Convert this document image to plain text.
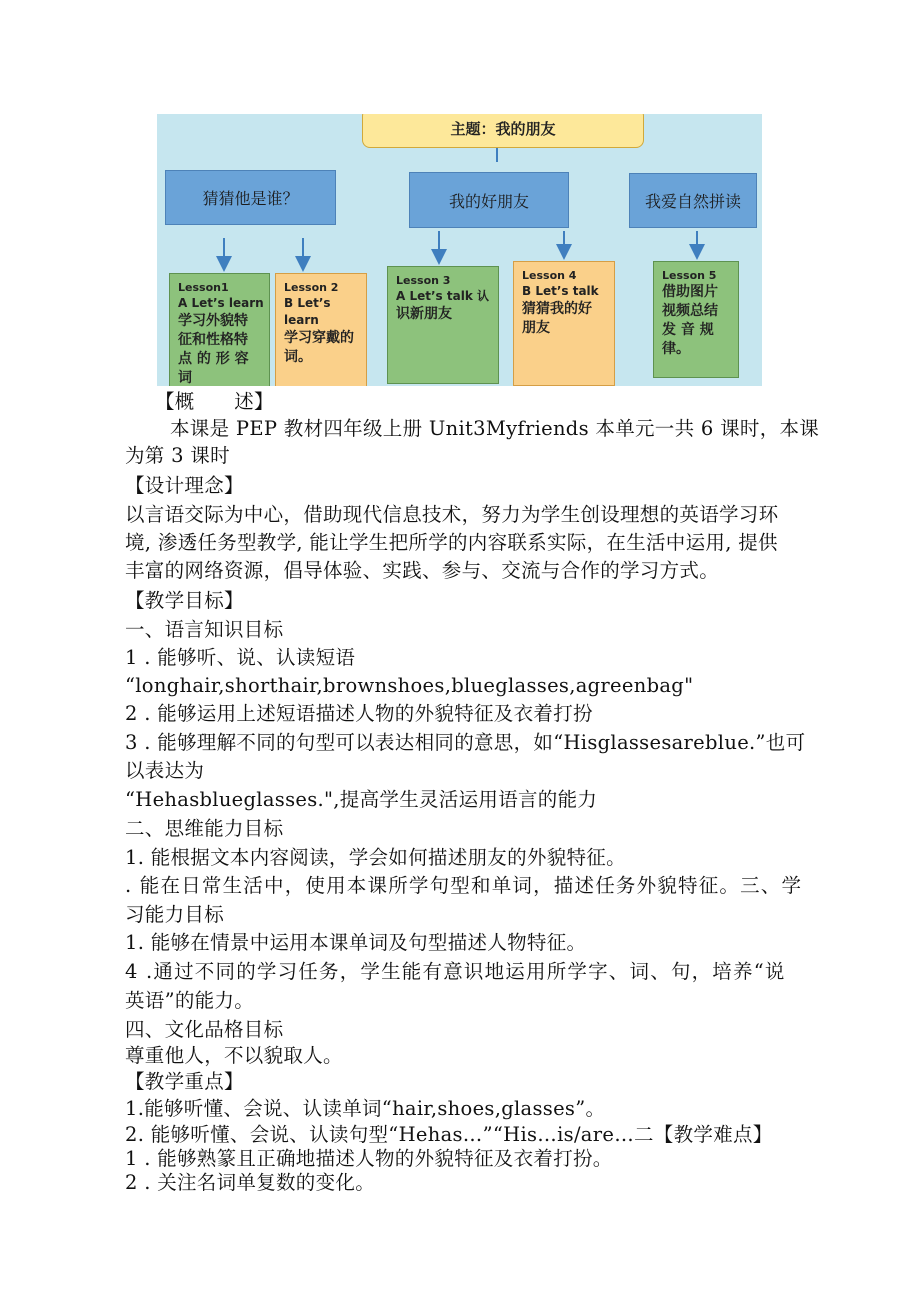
主题：我的朋友
猜猜他是谁？	我的好朋友	我爱自然拼读
Lesson1
A Let’s learn
学习外貌特
征和性格特
点 的 形 容
词
Lesson 2
B Let’s learn
学习穿戴的
词。
Lesson 3
A Let’s talk 认
识新朋友
Lesson 4
B Let’s talk
猜猜我的好
朋友
Lesson 5
借助图片
视频总结
发 音 规
律。
【概　　述】
本课是 PEP 教材四年级上册 Unit3Myfriends 本单元一共 6 课时，本课
为第 3 课时
【设计理念】
以言语交际为中心，借助现代信息技术，努力为学生创设理想的英语学习环
境, 渗透任务型教学, 能让学生把所学的内容联系实际，在生活中运用, 提供
丰富的网络资源，倡导体验、实践、参与、交流与合作的学习方式。
【教学目标】
一、语言知识目标
1 . 能够听、说、认读短语
“longhair,shorthair,brownshoes,blueglasses,agreenbag"
2 . 能够运用上述短语描述人物的外貌特征及衣着打扮
3 . 能够理解不同的句型可以表达相同的意思，如“Hisglassesareblue.”也可
以表达为
“Hehasblueglasses.",提高学生灵活运用语言的能力
二、思维能力目标
1. 能根据文本内容阅读，学会如何描述朋友的外貌特征。
. 能在日常生活中，使用本课所学句型和单词，描述任务外貌特征。三、学
习能力目标
1. 能够在情景中运用本课单词及句型描述人物特征。
4 .通过不同的学习任务，学生能有意识地运用所学字、词、句，培养“说
英语”的能力。
四、文化品格目标
尊重他人，不以貌取人。
【教学重点】
1.能够听懂、会说、认读单词“hair,shoes,glasses”。
2. 能够听懂、会说、认读句型“Hehas…”“His…is/are…二【教学难点】
1 . 能够熟篆且正确地描述人物的外貌特征及衣着打扮。
2 . 关注名词单复数的变化。
